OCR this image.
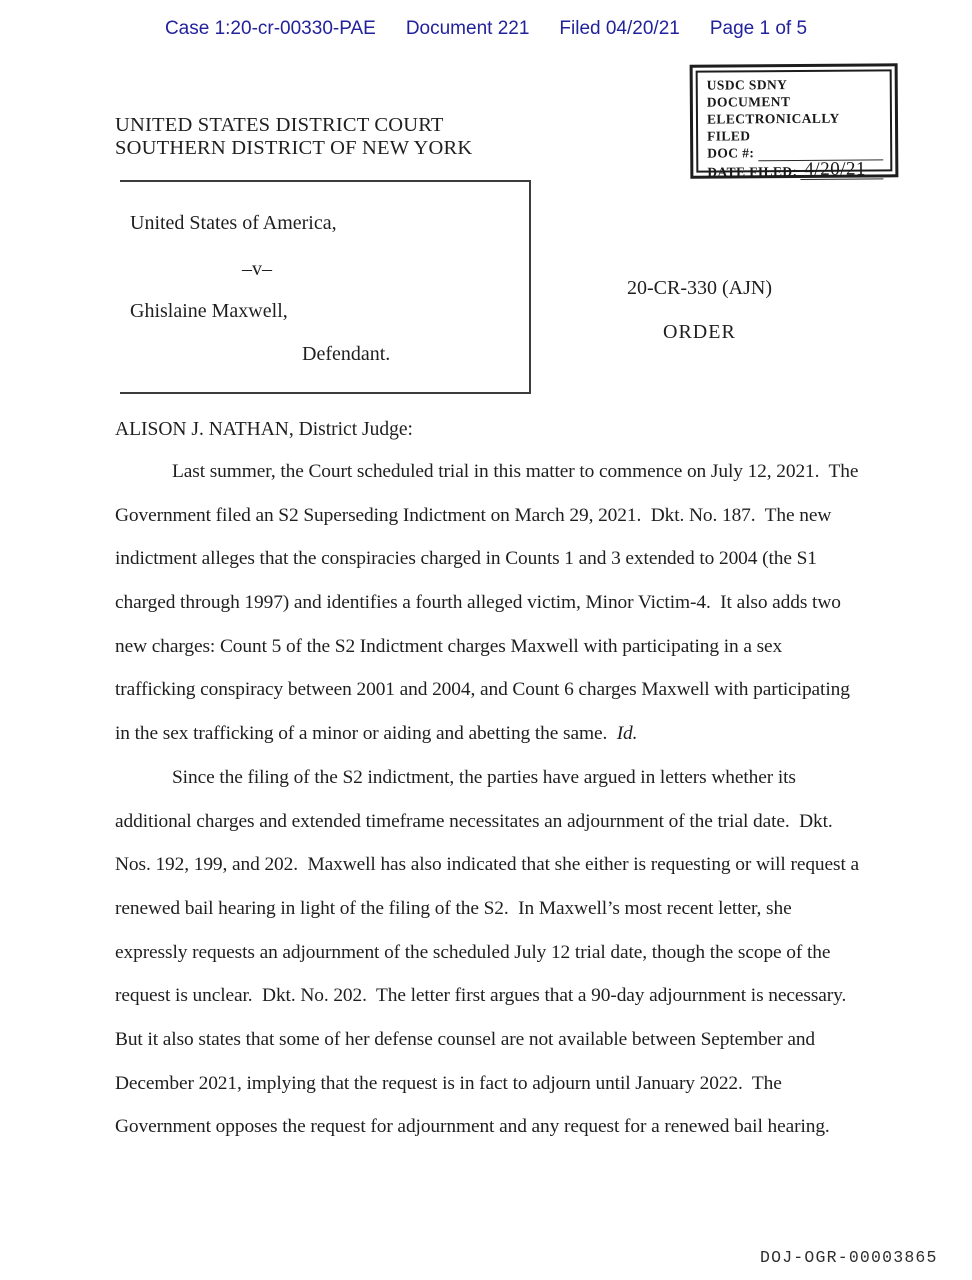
Case 1:20-cr-00330-PAE Document 221 Filed 04/20/21 Page 1 of 5
USDC SDNY
DOCUMENT
ELECTRONICALLY FILED
DOC #:
DATE FILED: 4/20/21
UNITED STATES DISTRICT COURT
SOUTHERN DISTRICT OF NEW YORK
United States of America,
–v–
Ghislaine Maxwell,
Defendant.
20-CR-330 (AJN)
ORDER
ALISON J. NATHAN, District Judge:
Last summer, the Court scheduled trial in this matter to commence on July 12, 2021.  The
Government filed an S2 Superseding Indictment on March 29, 2021.  Dkt. No. 187.  The new
indictment alleges that the conspiracies charged in Counts 1 and 3 extended to 2004 (the S1
charged through 1997) and identifies a fourth alleged victim, Minor Victim-4.  It also adds two
new charges: Count 5 of the S2 Indictment charges Maxwell with participating in a sex
trafficking conspiracy between 2001 and 2004, and Count 6 charges Maxwell with participating
in the sex trafficking of a minor or aiding and abetting the same.  Id.
Since the filing of the S2 indictment, the parties have argued in letters whether its
additional charges and extended timeframe necessitates an adjournment of the trial date.  Dkt.
Nos. 192, 199, and 202.  Maxwell has also indicated that she either is requesting or will request a
renewed bail hearing in light of the filing of the S2.  In Maxwell’s most recent letter, she
expressly requests an adjournment of the scheduled July 12 trial date, though the scope of the
request is unclear.  Dkt. No. 202.  The letter first argues that a 90-day adjournment is necessary.
But it also states that some of her defense counsel are not available between September and
December 2021, implying that the request is in fact to adjourn until January 2022.  The
Government opposes the request for adjournment and any request for a renewed bail hearing.
DOJ-OGR-00003865
